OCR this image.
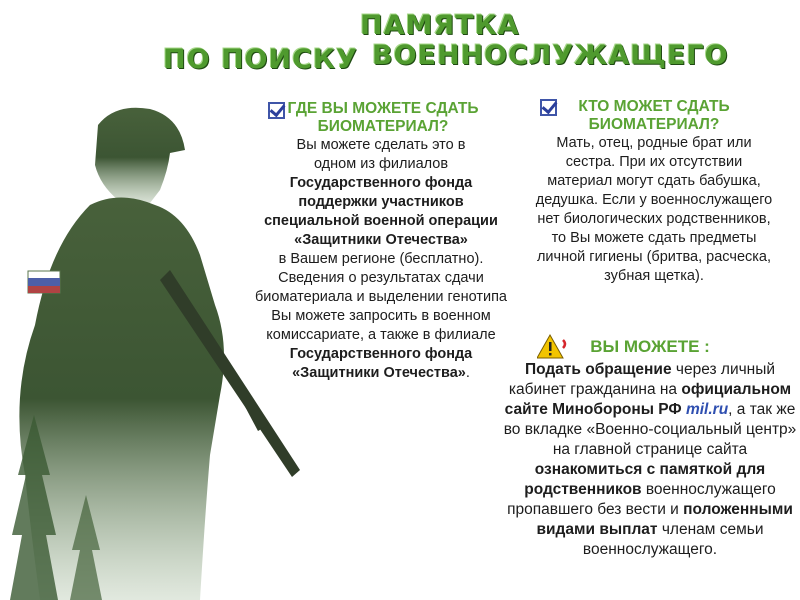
ПАМЯТКА
ПО ПОИСКУ ВОЕННОСЛУЖАЩЕГО
ГДЕ ВЫ МОЖЕТЕ СДАТЬ БИОМАТЕРИАЛ?
Вы можете сделать это в одном из филиалов
Государственного фонда поддержки участников специальной военной операции «Защитники Отечества»
в Вашем регионе (бесплатно). Сведения о результатах сдачи биоматериала и выделении генотипа Вы можете запросить в военном комиссариате, а также в филиале Государственного фонда «Защитники Отечества».
КТО МОЖЕТ СДАТЬ БИОМАТЕРИАЛ?
Мать, отец, родные брат или сестра. При их отсутствии материал могут сдать бабушка, дедушка. Если у военнослужащего нет биологических родственников, то Вы можете сдать предметы личной гигиены (бритва, расческа, зубная щетка).
ВЫ МОЖЕТЕ :
Подать обращение через личный кабинет гражданина на официальном сайте Минобороны РФ mil.ru, а так же во вкладке «Военно-социальный центр» на главной странице сайта ознакомиться с памяткой для родственников военнослужащего пропавшего без вести и положенными видами выплат членам семьи военнослужащего.
